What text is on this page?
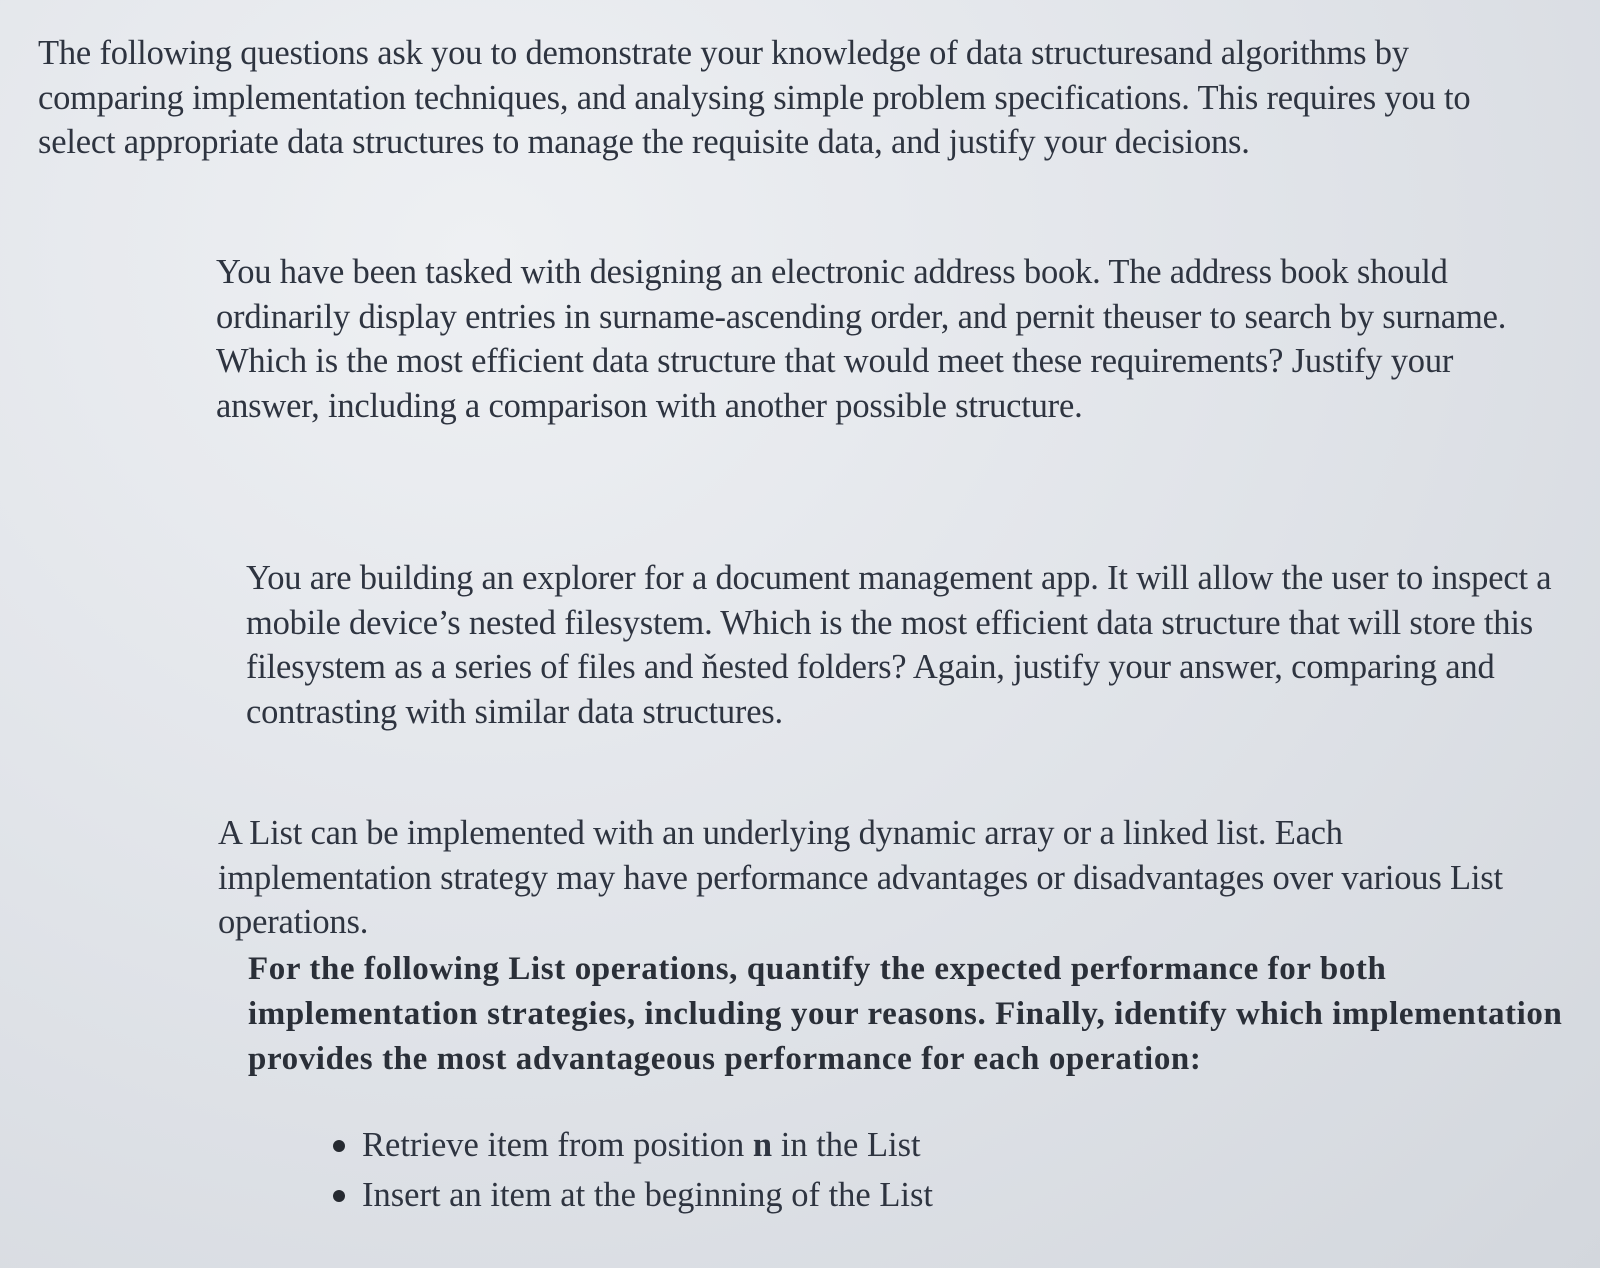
The following questions ask you to demonstrate your knowledge of data structuresand algorithms by comparing implementation techniques, and analysing simple problem specifications. This requires you to select appropriate data structures to manage the requisite data, and justify your decisions.

You have been tasked with designing an electronic address book. The address book should ordinarily display entries in surname-ascending order, and pernit theuser to search by surname. Which is the most efficient data structure that would meet these requirements? Justify your answer, including a comparison with another possible structure.

You are building an explorer for a document management app. It will allow the user to inspect a mobile device’s nested filesystem. Which is the most efficient data structure that will store this filesystem as a series of files and ňested folders? Again, justify your answer, comparing and contrasting with similar data structures.

A List can be implemented with an underlying dynamic array or a linked list. Each implementation strategy may have performance advantages or disadvantages over various List operations.

For the following List operations, quantify the expected performance for both implementation strategies, including your reasons. Finally, identify which implementation provides the most advantageous performance for each operation:

Retrieve item from position n in the List
Insert an item at the beginning of the List
